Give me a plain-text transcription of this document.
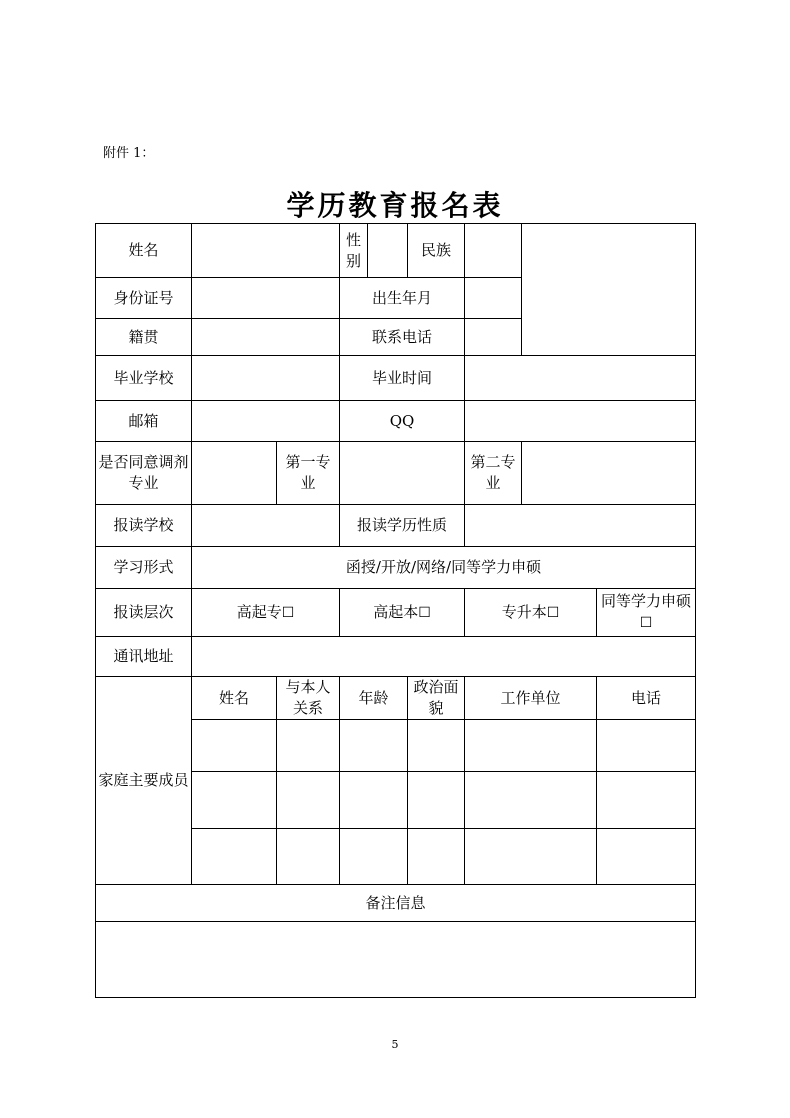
附件 1：
学历教育报名表
姓名			性别	民族			
身份证号			出生年月				
籍贯			联系电话				
毕业学校			毕业时间				
邮箱			QQ				
是否同意调剂专业		第一专业			第二专业		
报读学校			报读学历性质				
学习形式	函授/开放/网络/同等学力申硕						
报读层次	高起专☐		高起本☐		专升本☐		同等学力申硕☐
通讯地址							
家庭主要成员	姓名	与本人关系	年龄	政治面貌	工作单位		电话

备注信息							

5
